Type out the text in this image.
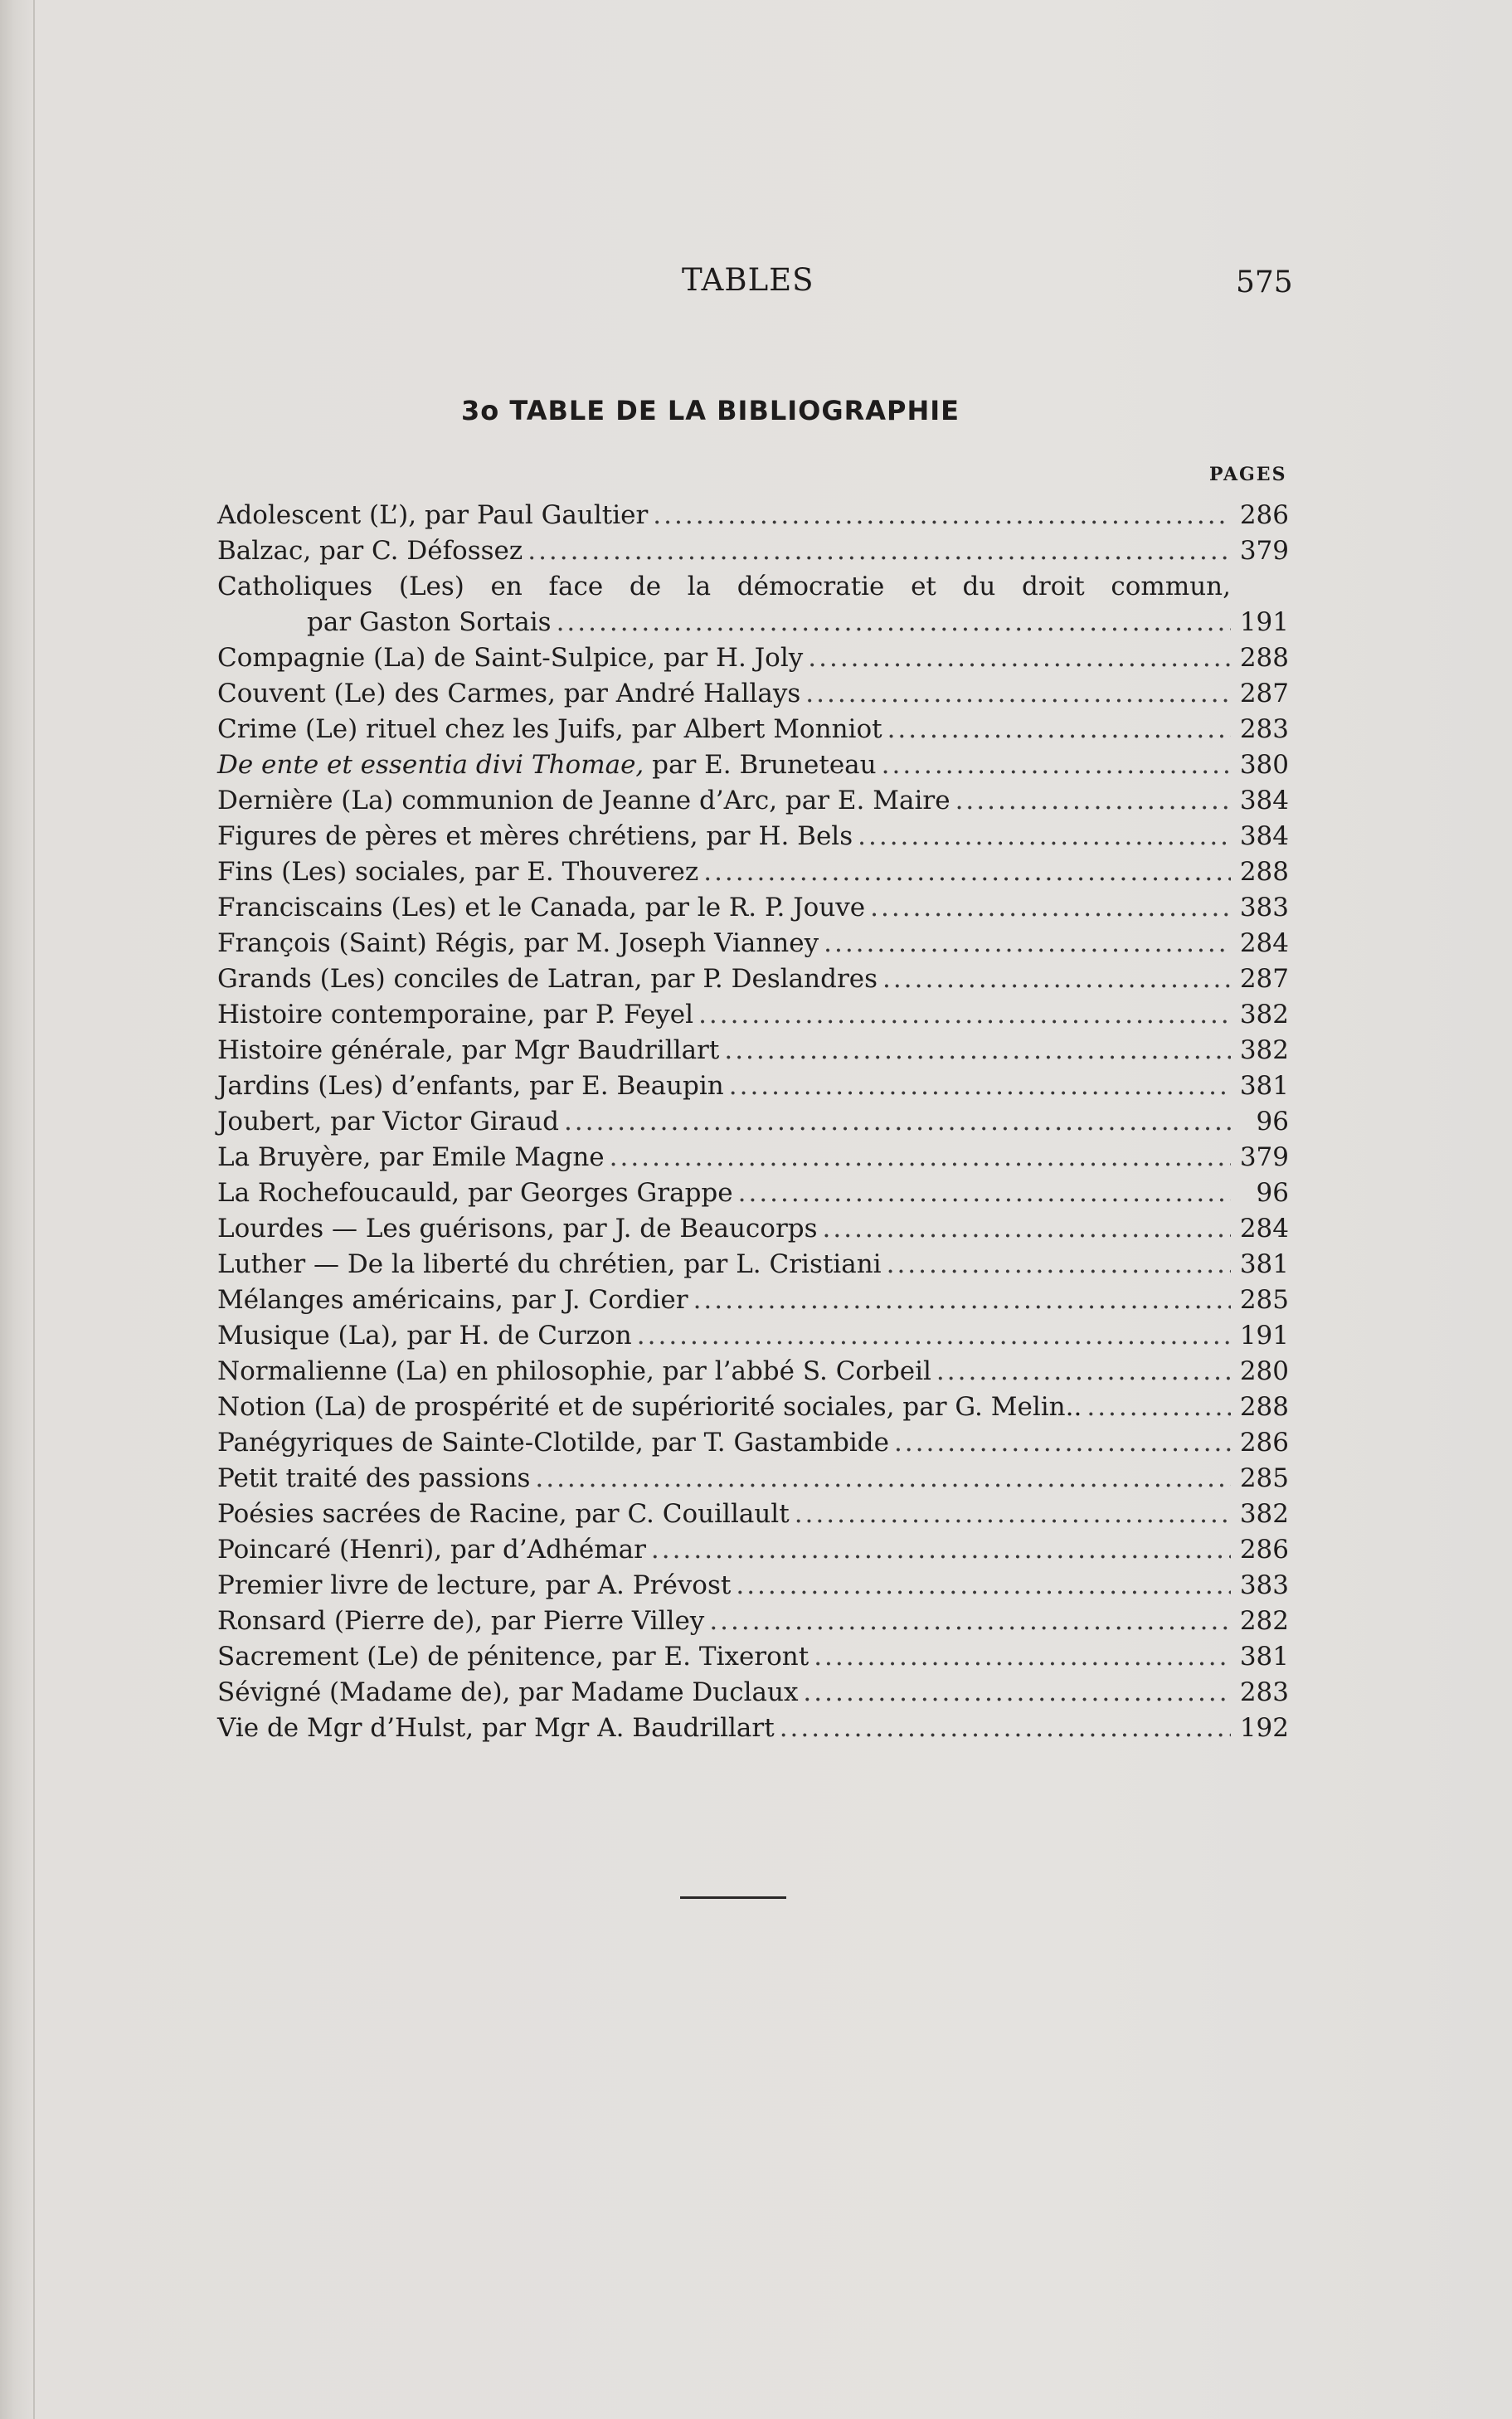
TABLES	575
3o TABLE DE LA BIBLIOGRAPHIE
PAGES
Adolescent (L’), par Paul Gaultier .....	286
Balzac, par C. Défossez .....	379
Catholiques (Les) en face de la démocratie et du droit commun,
par Gaston Sortais .....	191
Compagnie (La) de Saint-Sulpice, par H. Joly .....	288
Couvent (Le) des Carmes, par André Hallays .....	287
Crime (Le) rituel chez les Juifs, par Albert Monniot .....	283
De ente et essentia divi Thomae,
par E. Bruneteau .....	380
Dernière (La) communion de Jeanne d’Arc, par E. Maire .....	384
Figures de pères et mères chrétiens, par H. Bels .....	384
Fins (Les) sociales, par E. Thouverez .....	288
Franciscains (Les) et le Canada, par le R. P. Jouve .....	383
François (Saint) Régis, par M. Joseph Vianney .....	284
Grands (Les) conciles de Latran, par P. Deslandres .....	287
Histoire contemporaine, par P. Feyel .....	382
Histoire générale, par Mgr Baudrillart .....	382
Jardins (Les) d’enfants, par E. Beaupin .....	381
Joubert, par Victor Giraud .....	96
La Bruyère, par Emile Magne .....	379
La Rochefoucauld, par Georges Grappe .....	96
Lourdes — Les guérisons, par J. de Beaucorps .....	284
Luther — De la liberté du chrétien, par L. Cristiani .....	381
Mélanges américains, par J. Cordier .....	285
Musique (La), par H. de Curzon .....	191
Normalienne (La) en philosophie, par l’abbé S. Corbeil .....	280
Notion (La) de prospérité et de supériorité sociales, par G. Melin.. .....	288
Panégyriques de Sainte-Clotilde, par T. Gastambide .....	286
Petit traité des passions .....	285
Poésies sacrées de Racine, par C. Couillault .....	382
Poincaré (Henri), par d’Adhémar .....	286
Premier livre de lecture, par A. Prévost .....	383
Ronsard (Pierre de), par Pierre Villey .....	282
Sacrement (Le) de pénitence, par E. Tixeront .....	381
Sévigné (Madame de), par Madame Duclaux .....	283
Vie de Mgr d’Hulst, par Mgr A. Baudrillart .....	192
